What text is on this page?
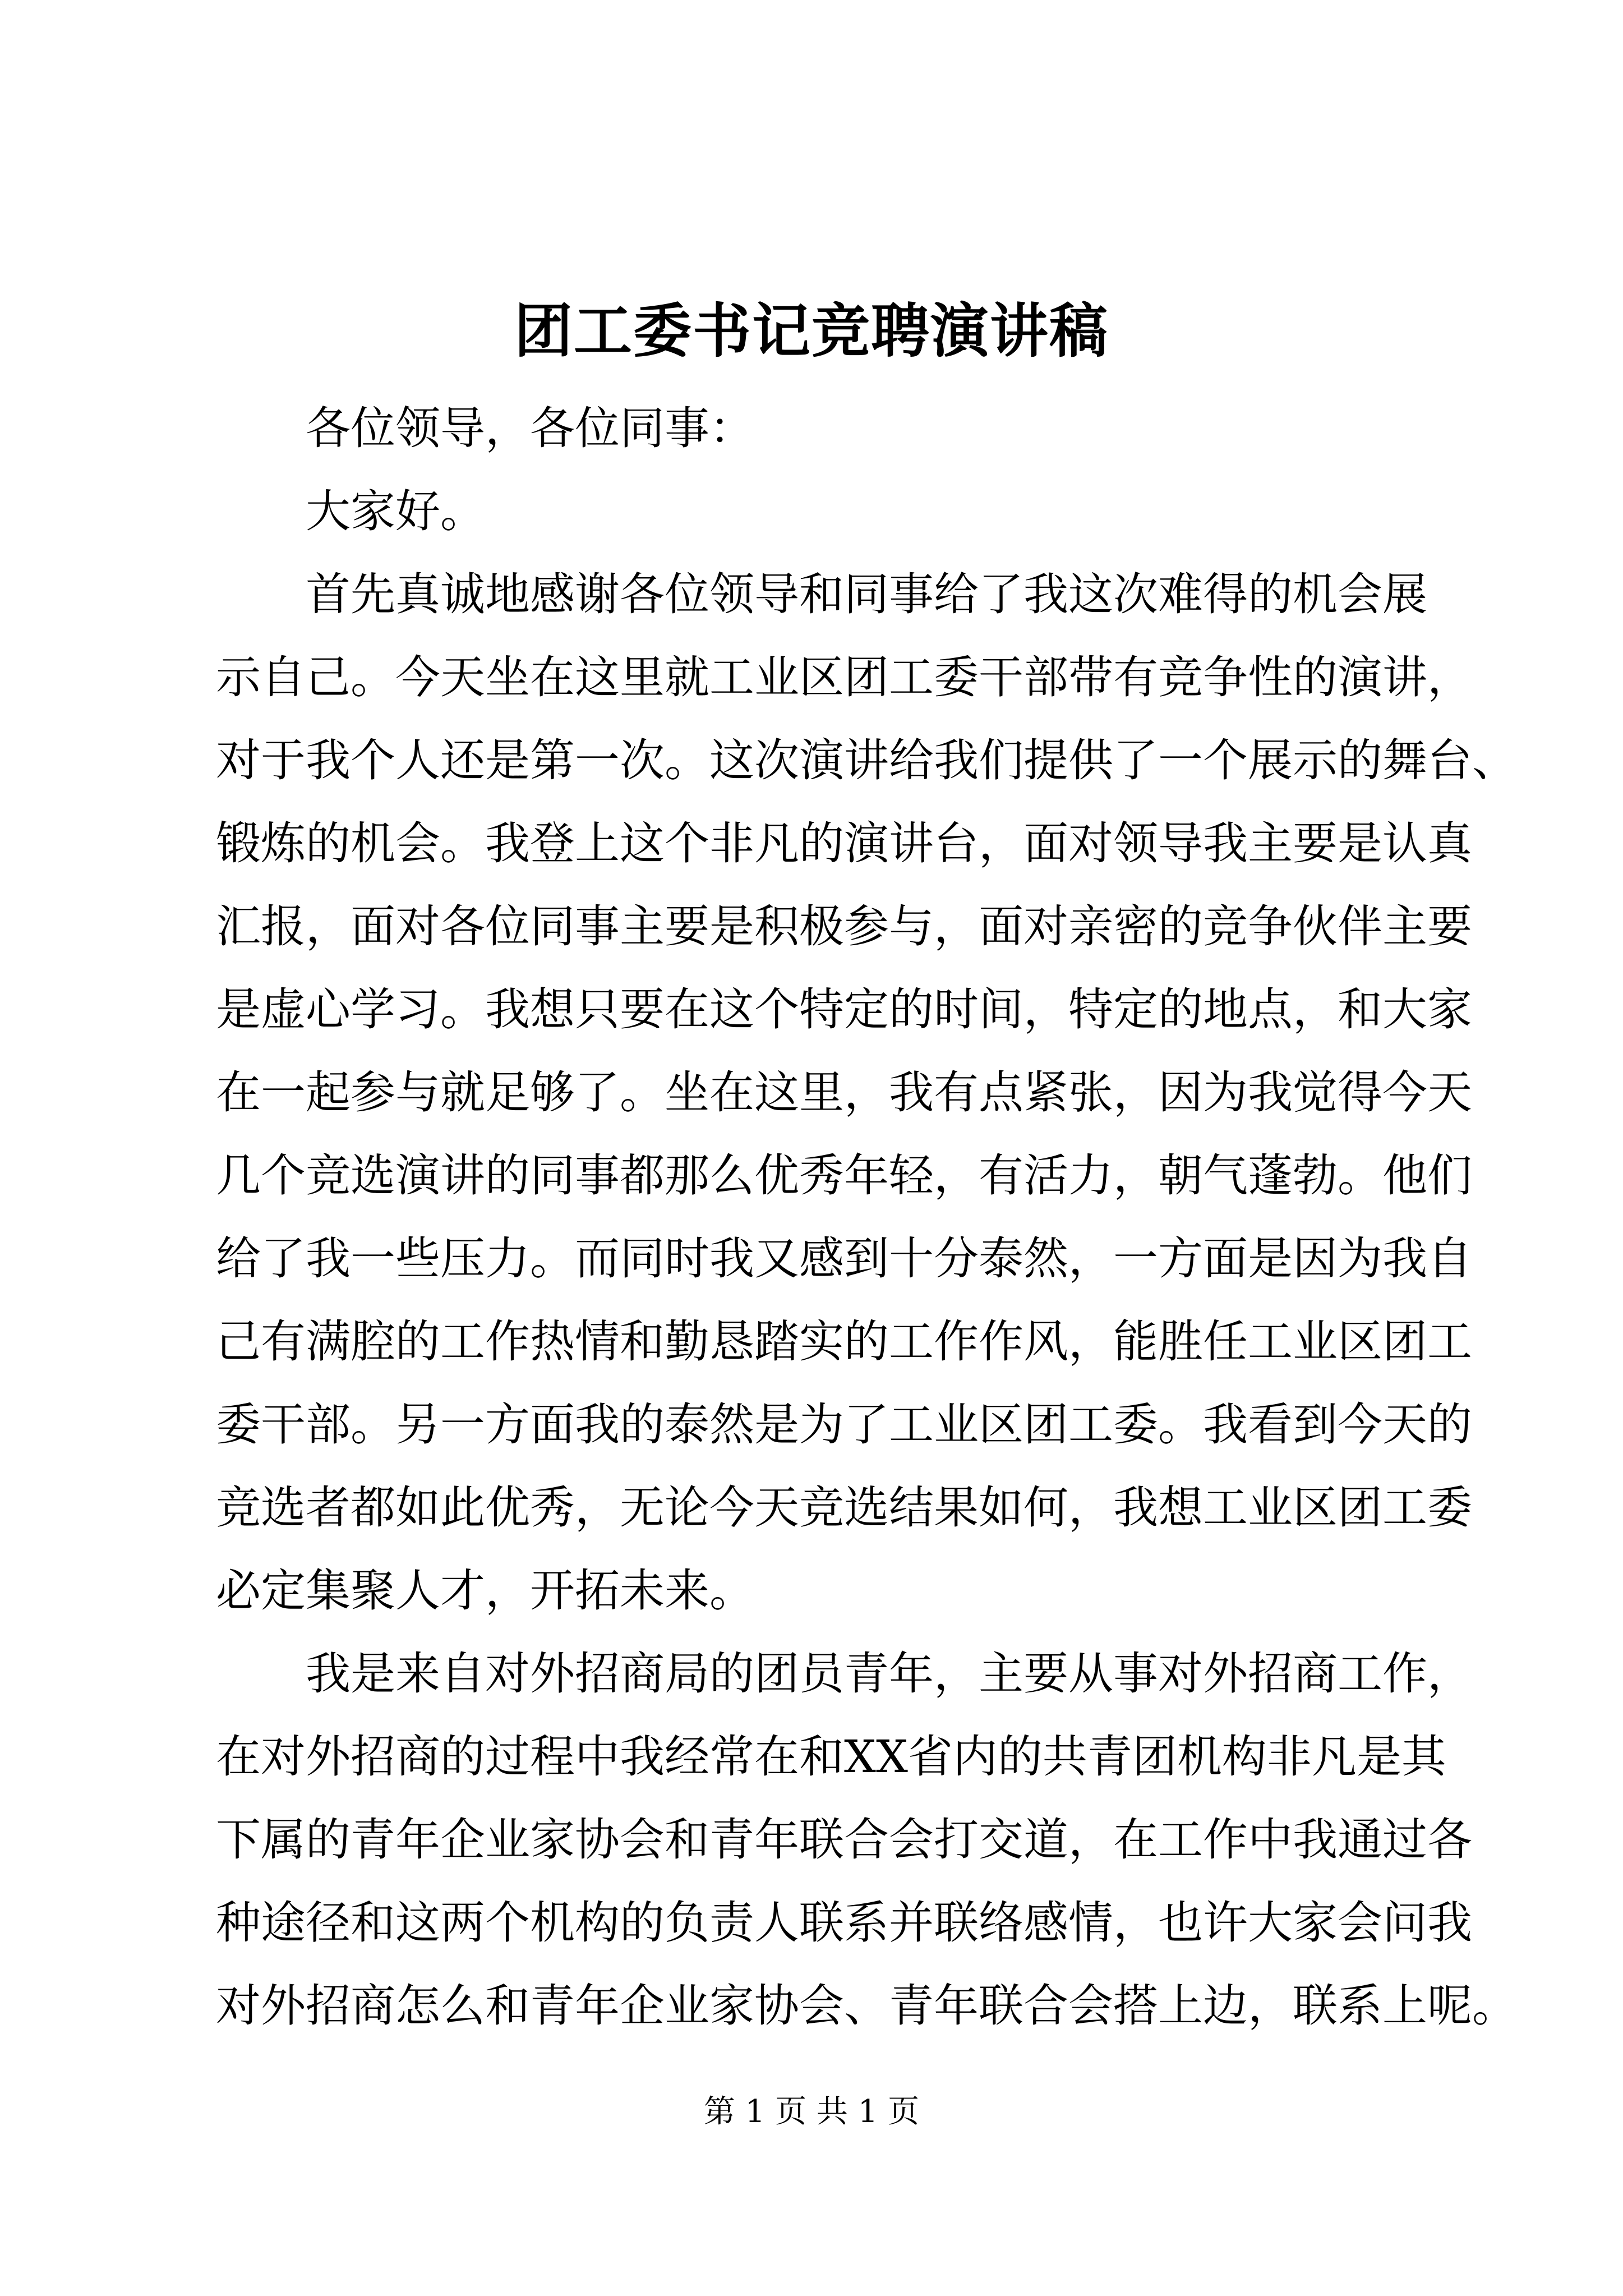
团工委书记竞聘演讲稿
各位领导，各位同事：
大家好。
首先真诚地感谢各位领导和同事给了我这次难得的机会展
示自己。今天坐在这里就工业区团工委干部带有竞争性的演讲，
对于我个人还是第一次。这次演讲给我们提供了一个展示的舞台、
锻炼的机会。我登上这个非凡的演讲台，面对领导我主要是认真
汇报，面对各位同事主要是积极参与，面对亲密的竞争伙伴主要
是虚心学习。我想只要在这个特定的时间，特定的地点，和大家
在一起参与就足够了。坐在这里，我有点紧张，因为我觉得今天
几个竞选演讲的同事都那么优秀年轻，有活力，朝气蓬勃。他们
给了我一些压力。而同时我又感到十分泰然，一方面是因为我自
己有满腔的工作热情和勤恳踏实的工作作风，能胜任工业区团工
委干部。另一方面我的泰然是为了工业区团工委。我看到今天的
竞选者都如此优秀，无论今天竞选结果如何，我想工业区团工委
必定集聚人才，开拓未来。
我是来自对外招商局的团员青年，主要从事对外招商工作，
在对外招商的过程中我经常在和XX省内的共青团机构非凡是其
下属的青年企业家协会和青年联合会打交道，在工作中我通过各
种途径和这两个机构的负责人联系并联络感情，也许大家会问我
对外招商怎么和青年企业家协会、青年联合会搭上边，联系上呢。
第 1 页 共 1 页
